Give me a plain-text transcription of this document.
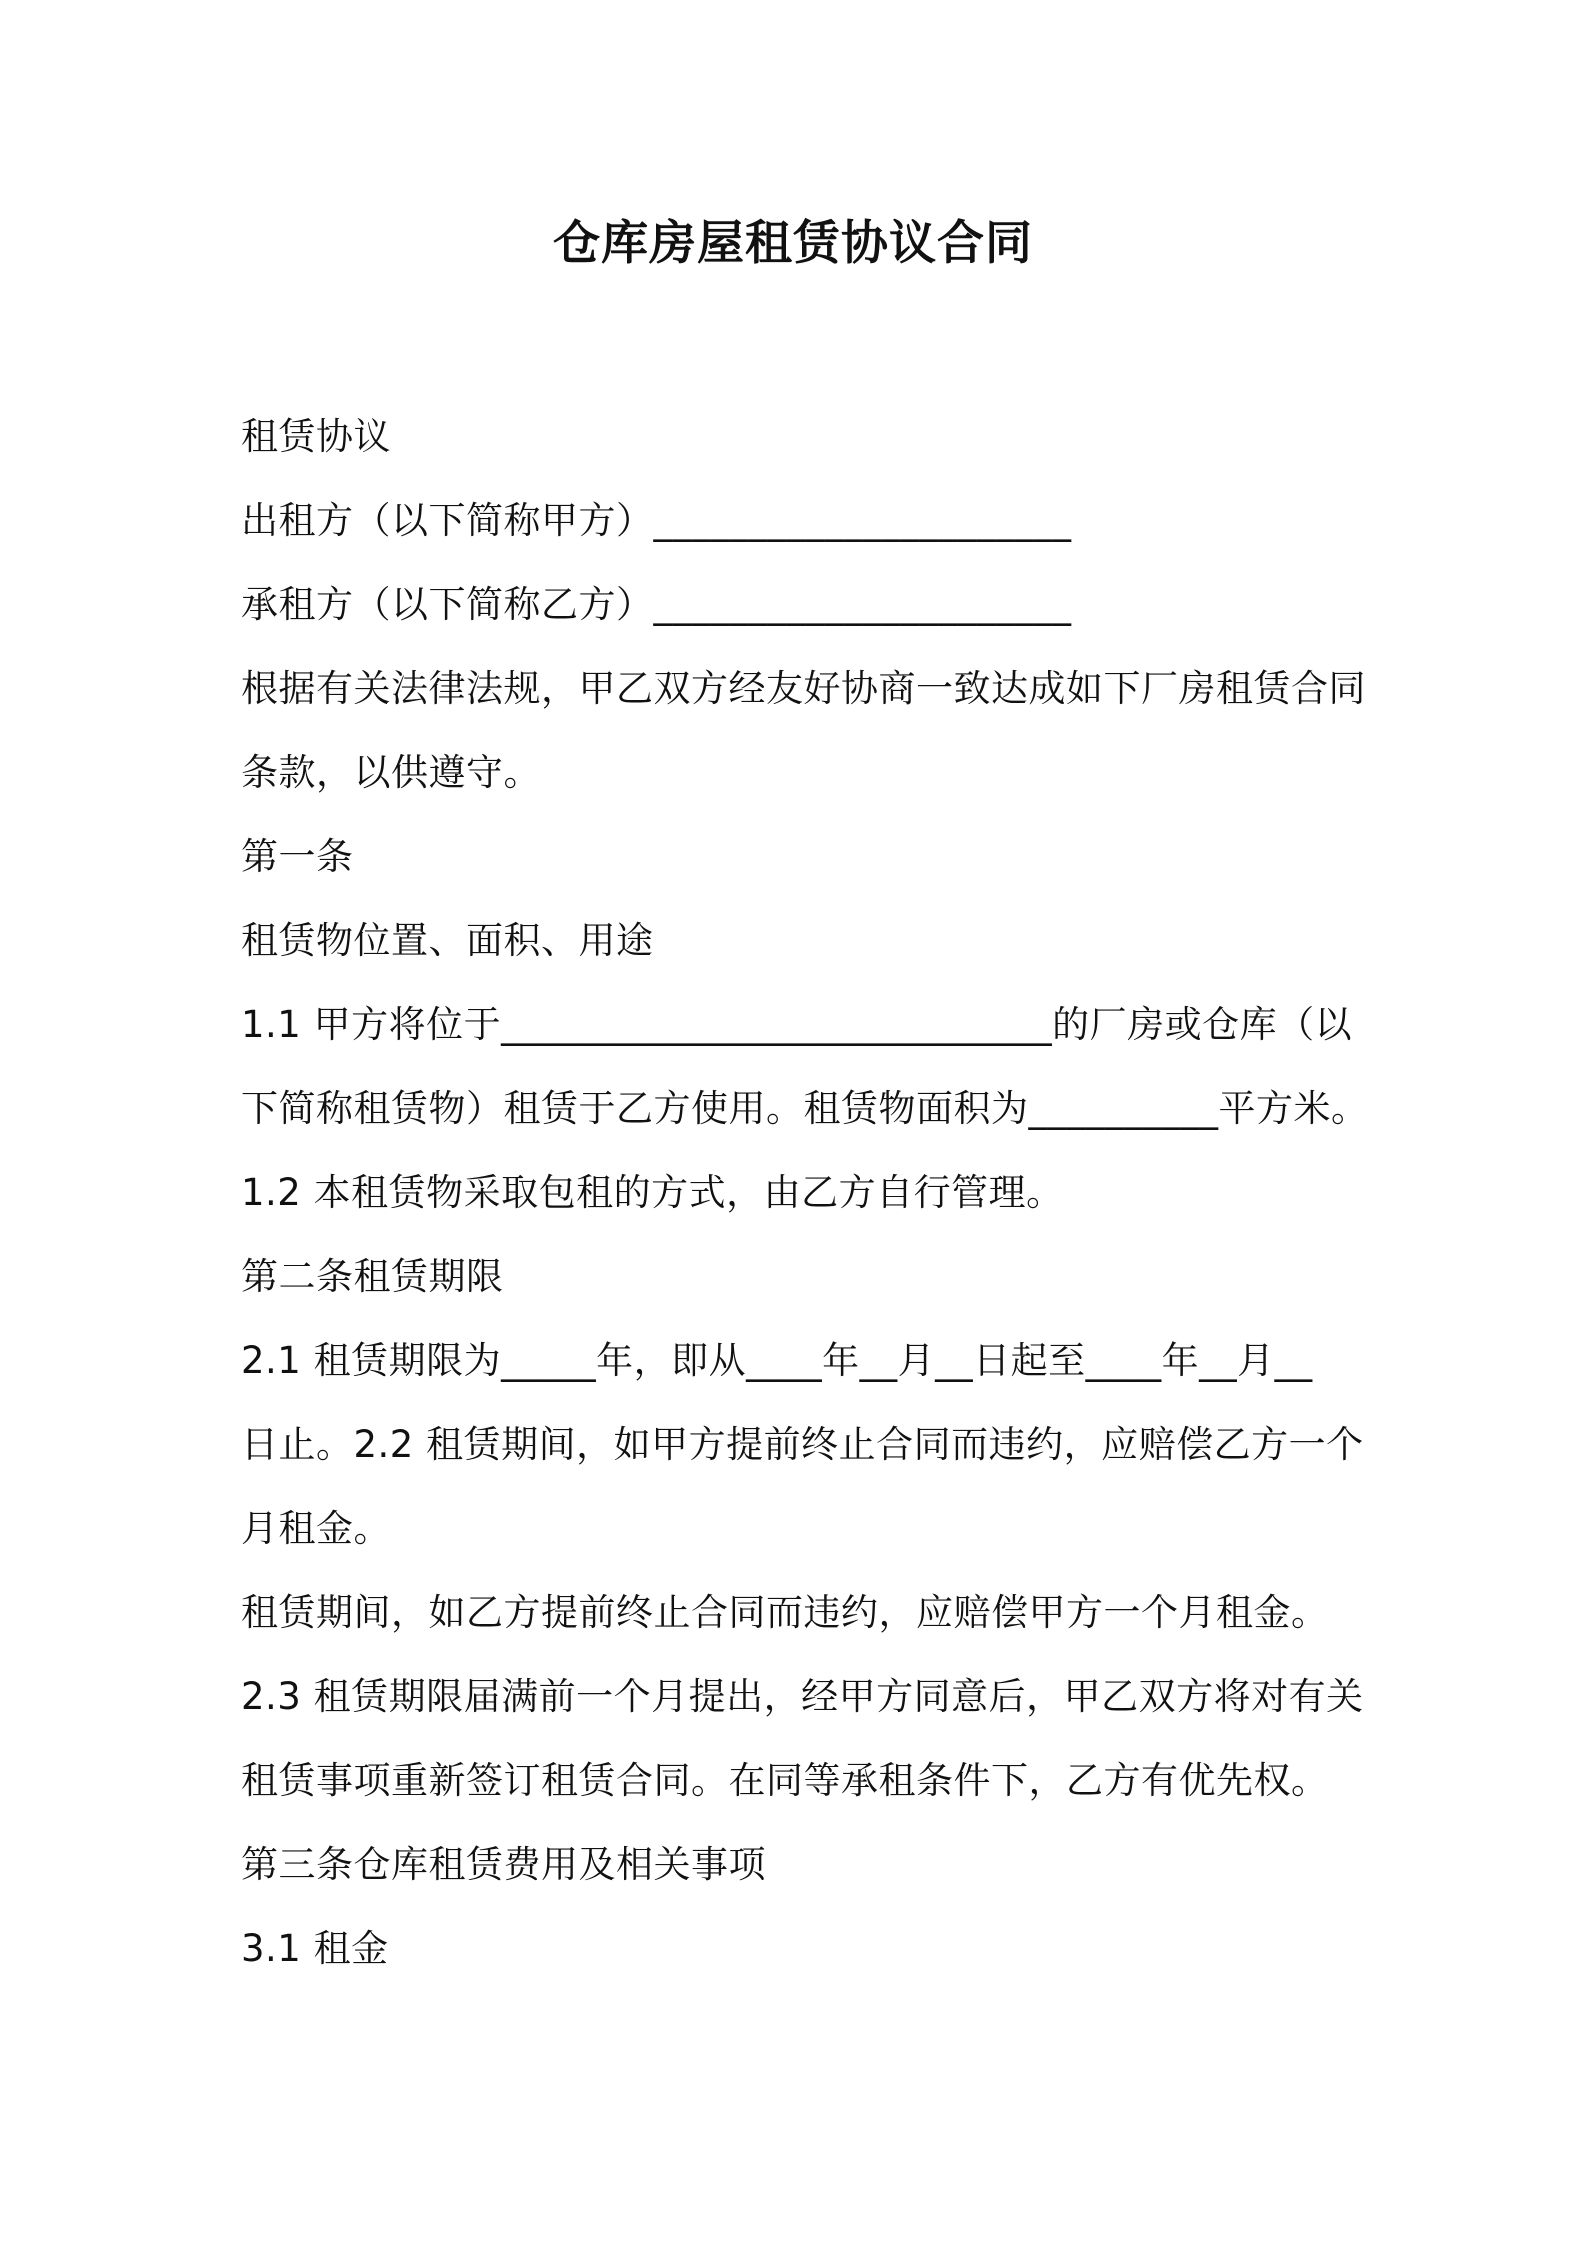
仓库房屋租赁协议合同
租赁协议
出租方（以下简称甲方）______________________
承租方（以下简称乙方）______________________
根据有关法律法规，甲乙双方经友好协商一致达成如下厂房租赁合同
条款，以供遵守。
第一条
租赁物位置、面积、用途
1.1 甲方将位于_____________________________的厂房或仓库（以
下简称租赁物）租赁于乙方使用。租赁物面积为__________平方米。
1.2 本租赁物采取包租的方式，由乙方自行管理。
第二条租赁期限
2.1 租赁期限为_____年，即从____年__月__日起至____年__月__
日止。2.2 租赁期间，如甲方提前终止合同而违约，应赔偿乙方一个
月租金。
租赁期间，如乙方提前终止合同而违约，应赔偿甲方一个月租金。
2.3 租赁期限届满前一个月提出，经甲方同意后，甲乙双方将对有关
租赁事项重新签订租赁合同。在同等承租条件下，乙方有优先权。
第三条仓库租赁费用及相关事项
3.1 租金
